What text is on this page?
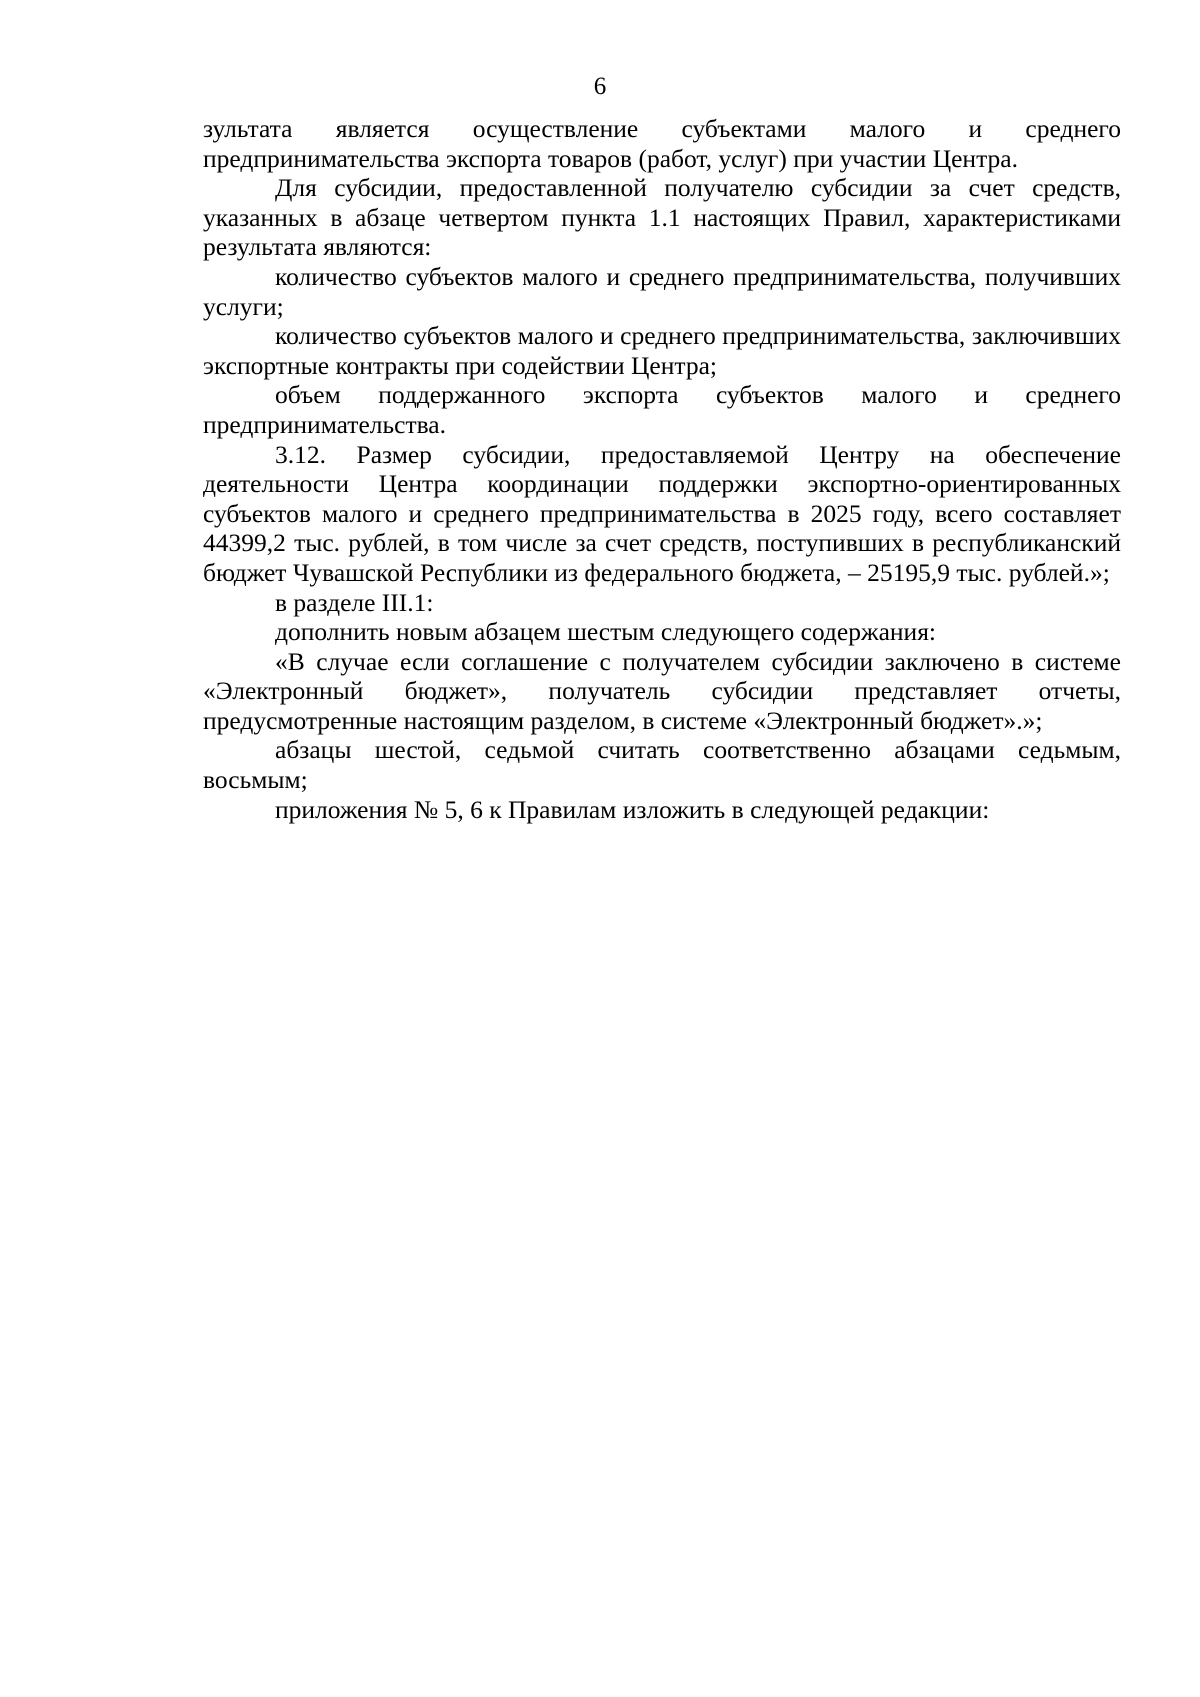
6

зультата является осуществление субъектами малого и среднего предпринимательства экспорта товаров (работ, услуг) при участии Центра.

Для субсидии, предоставленной получателю субсидии за счет средств, указанных в абзаце четвертом пункта 1.1 настоящих Правил, характеристиками результата являются:

количество субъектов малого и среднего предпринимательства, получивших услуги;

количество субъектов малого и среднего предпринимательства, заключивших экспортные контракты при содействии Центра;

объем поддержанного экспорта субъектов малого и среднего предпринимательства.

3.12. Размер субсидии, предоставляемой Центру на обеспечение деятельности Центра координации поддержки экспортно-ориентированных субъектов малого и среднего предпринимательства в 2025 году, всего составляет 44399,2 тыс. рублей, в том числе за счет средств, поступивших в республиканский бюджет Чувашской Республики из федерального бюджета, – 25195,9 тыс. рублей.»;

в разделе III.1:

дополнить новым абзацем шестым следующего содержания:

«В случае если соглашение с получателем субсидии заключено в системе «Электронный бюджет», получатель субсидии представляет отчеты, предусмотренные настоящим разделом, в системе «Электронный бюджет».»;

абзацы шестой, седьмой считать соответственно абзацами седьмым, восьмым;

приложения № 5, 6 к Правилам изложить в следующей редакции:
